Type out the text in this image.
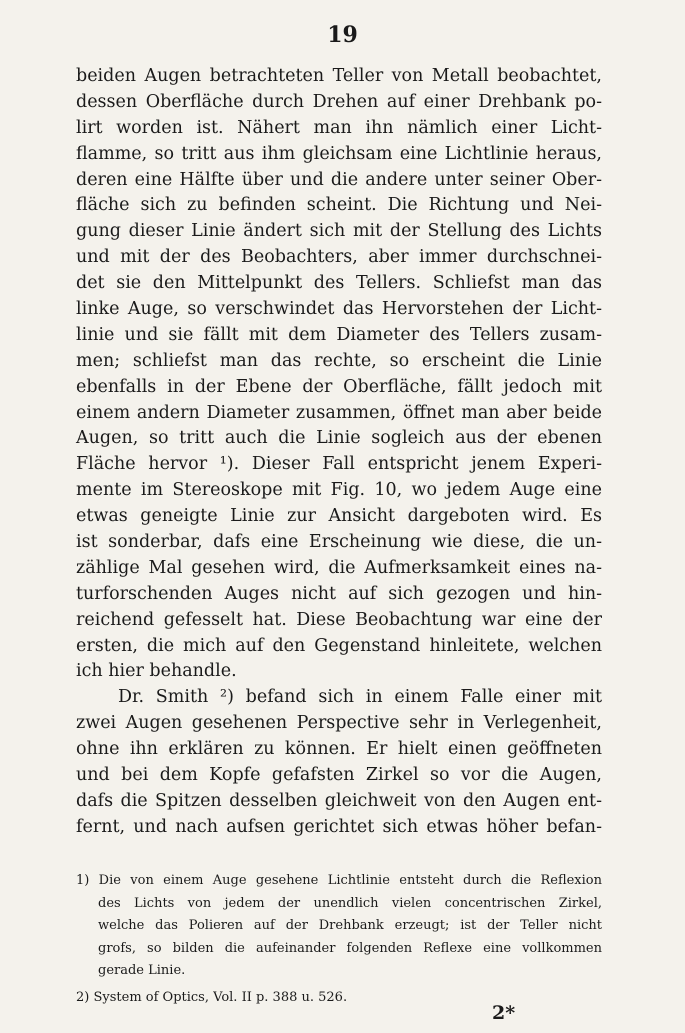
19
beiden Augen betrachteten Teller von Metall beobachtet,
dessen Oberfläche durch Drehen auf einer Drehbank po-
lirt worden ist. Nähert man ihn nämlich einer Licht-
flamme, so tritt aus ihm gleichsam eine Lichtlinie heraus,
deren eine Hälfte über und die andere unter seiner Ober-
fläche sich zu befinden scheint. Die Richtung und Nei-
gung dieser Linie ändert sich mit der Stellung des Lichts
und mit der des Beobachters, aber immer durchschnei-
det sie den Mittelpunkt des Tellers. Schliefst man das
linke Auge, so verschwindet das Hervorstehen der Licht-
linie und sie fällt mit dem Diameter des Tellers zusam-
men; schliefst man das rechte, so erscheint die Linie
ebenfalls in der Ebene der Oberfläche, fällt jedoch mit
einem andern Diameter zusammen, öffnet man aber beide
Augen, so tritt auch die Linie sogleich aus der ebenen
Fläche hervor ¹). Dieser Fall entspricht jenem Experi-
mente im Stereoskope mit Fig. 10, wo jedem Auge eine
etwas geneigte Linie zur Ansicht dargeboten wird. Es
ist sonderbar, dafs eine Erscheinung wie diese, die un-
zählige Mal gesehen wird, die Aufmerksamkeit eines na-
turforschenden Auges nicht auf sich gezogen und hin-
reichend gefesselt hat. Diese Beobachtung war eine der
ersten, die mich auf den Gegenstand hinleitete, welchen
ich hier behandle.
Dr. Smith ²) befand sich in einem Falle einer mit
zwei Augen gesehenen Perspective sehr in Verlegenheit,
ohne ihn erklären zu können. Er hielt einen geöffneten
und bei dem Kopfe gefafsten Zirkel so vor die Augen,
dafs die Spitzen desselben gleichweit von den Augen ent-
fernt, und nach aufsen gerichtet sich etwas höher befan-
1) Die von einem Auge gesehene Lichtlinie entsteht durch die Reflexion
des Lichts von jedem der unendlich vielen concentrischen Zirkel,
welche das Polieren auf der Drehbank erzeugt; ist der Teller nicht
grofs, so bilden die aufeinander folgenden Reflexe eine vollkommen
gerade Linie.
2) System of Optics, Vol. II p. 388 u. 526.
2*
